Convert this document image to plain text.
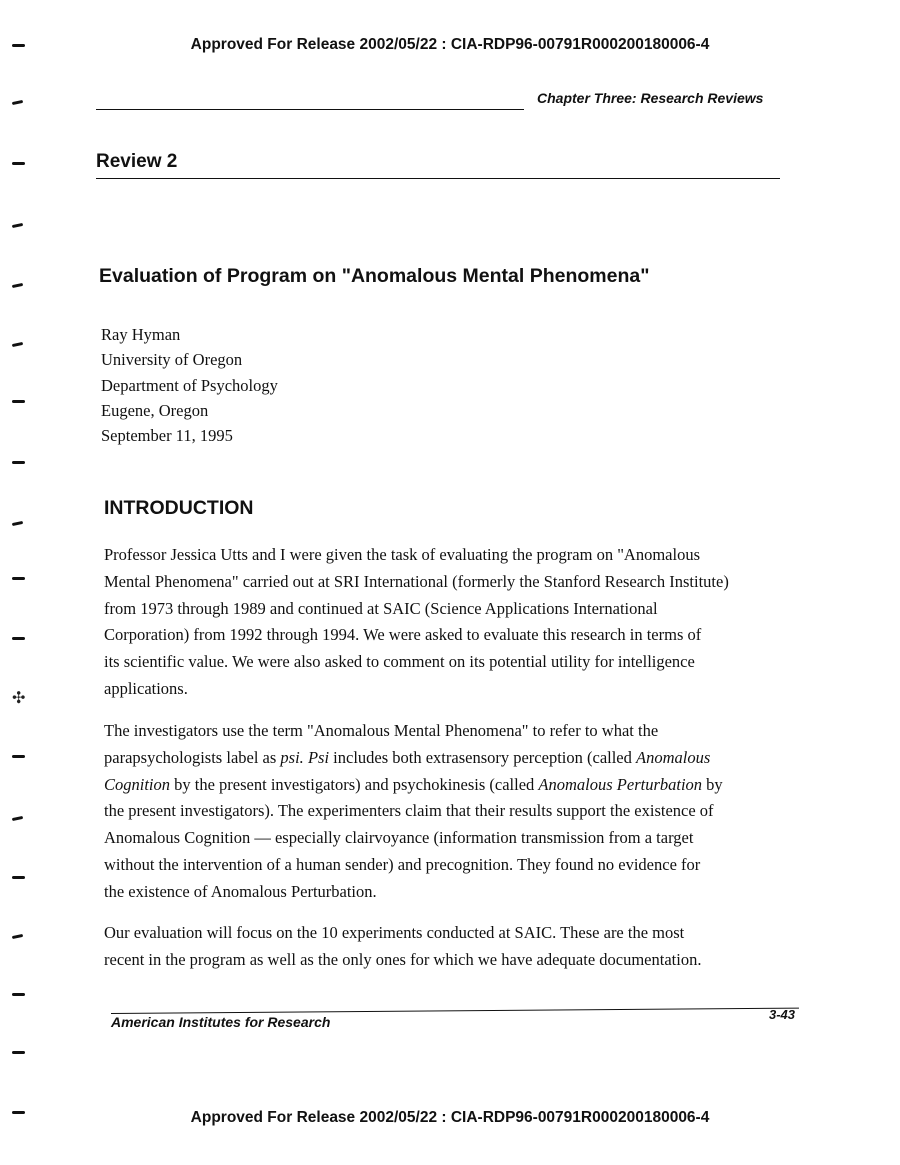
Approved For Release 2002/05/22 : CIA-RDP96-00791R000200180006-4
Chapter Three: Research Reviews
Review 2
Evaluation of Program on "Anomalous Mental Phenomena"
Ray Hyman
University of Oregon
Department of Psychology
Eugene, Oregon
September 11, 1995
INTRODUCTION
Professor Jessica Utts and I were given the task of evaluating the program on "Anomalous
Mental Phenomena" carried out at SRI International (formerly the Stanford Research Institute)
from 1973 through 1989 and continued at SAIC (Science Applications International
Corporation) from 1992 through 1994. We were asked to evaluate this research in terms of
its scientific value. We were also asked to comment on its potential utility for intelligence
applications.
The investigators use the term "Anomalous Mental Phenomena" to refer to what the
parapsychologists label as psi. Psi includes both extrasensory perception (called Anomalous
Cognition by the present investigators) and psychokinesis (called Anomalous Perturbation by
the present investigators). The experimenters claim that their results support the existence of
Anomalous Cognition — especially clairvoyance (information transmission from a target
without the intervention of a human sender) and precognition. They found no evidence for
the existence of Anomalous Perturbation.
Our evaluation will focus on the 10 experiments conducted at SAIC. These are the most
recent in the program as well as the only ones for which we have adequate documentation.
American Institutes for Research	3-43
Approved For Release 2002/05/22 : CIA-RDP96-00791R000200180006-4
✣
